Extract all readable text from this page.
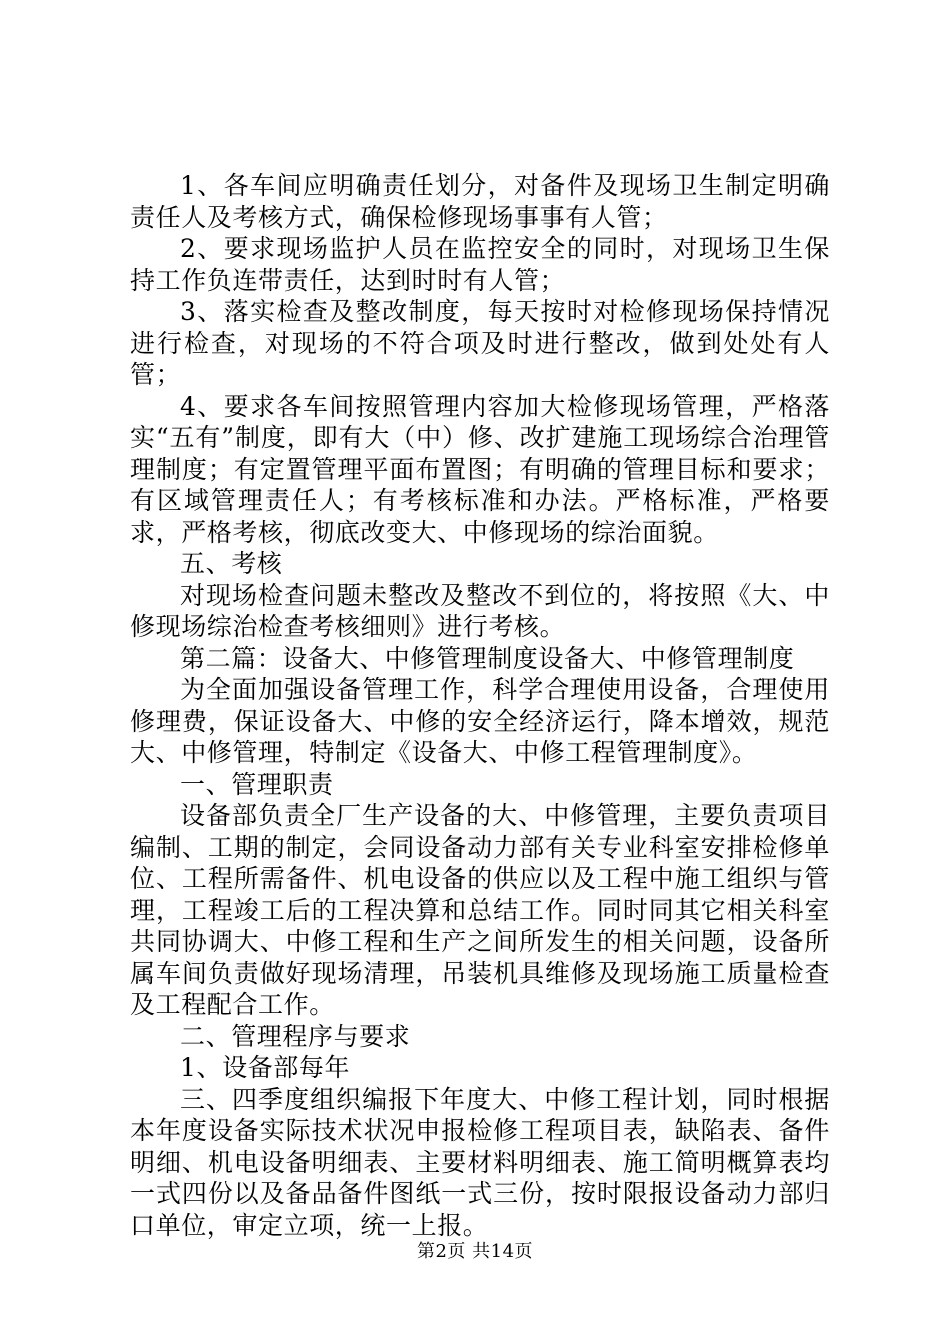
1、各车间应明确责任划分，对备件及现场卫生制定明确责任人及考核方式，确保检修现场事事有人管；

2、要求现场监护人员在监控安全的同时，对现场卫生保持工作负连带责任，达到时时有人管；

3、落实检查及整改制度，每天按时对检修现场保持情况进行检查，对现场的不符合项及时进行整改，做到处处有人管；

4、要求各车间按照管理内容加大检修现场管理，严格落实“五有”制度，即有大（中）修、改扩建施工现场综合治理管理制度；有定置管理平面布置图；有明确的管理目标和要求；有区域管理责任人；有考核标准和办法。严格标准，严格要求，严格考核，彻底改变大、中修现场的综治面貌。

五、考核

对现场检查问题未整改及整改不到位的，将按照《大、中修现场综治检查考核细则》进行考核。

第二篇：设备大、中修管理制度设备大、中修管理制度

为全面加强设备管理工作，科学合理使用设备，合理使用修理费，保证设备大、中修的安全经济运行，降本增效，规范大、中修管理，特制定《设备大、中修工程管理制度》。

一、管理职责

设备部负责全厂生产设备的大、中修管理，主要负责项目编制、工期的制定，会同设备动力部有关专业科室安排检修单位、工程所需备件、机电设备的供应以及工程中施工组织与管理，工程竣工后的工程决算和总结工作。同时同其它相关科室共同协调大、中修工程和生产之间所发生的相关问题，设备所属车间负责做好现场清理，吊装机具维修及现场施工质量检查及工程配合工作。

二、管理程序与要求

1、设备部每年

三、四季度组织编报下年度大、中修工程计划，同时根据本年度设备实际技术状况申报检修工程项目表，缺陷表、备件明细、机电设备明细表、主要材料明细表、施工简明概算表均一式四份以及备品备件图纸一式三份，按时限报设备动力部归口单位，审定立项，统一上报。

第2页 共14页
